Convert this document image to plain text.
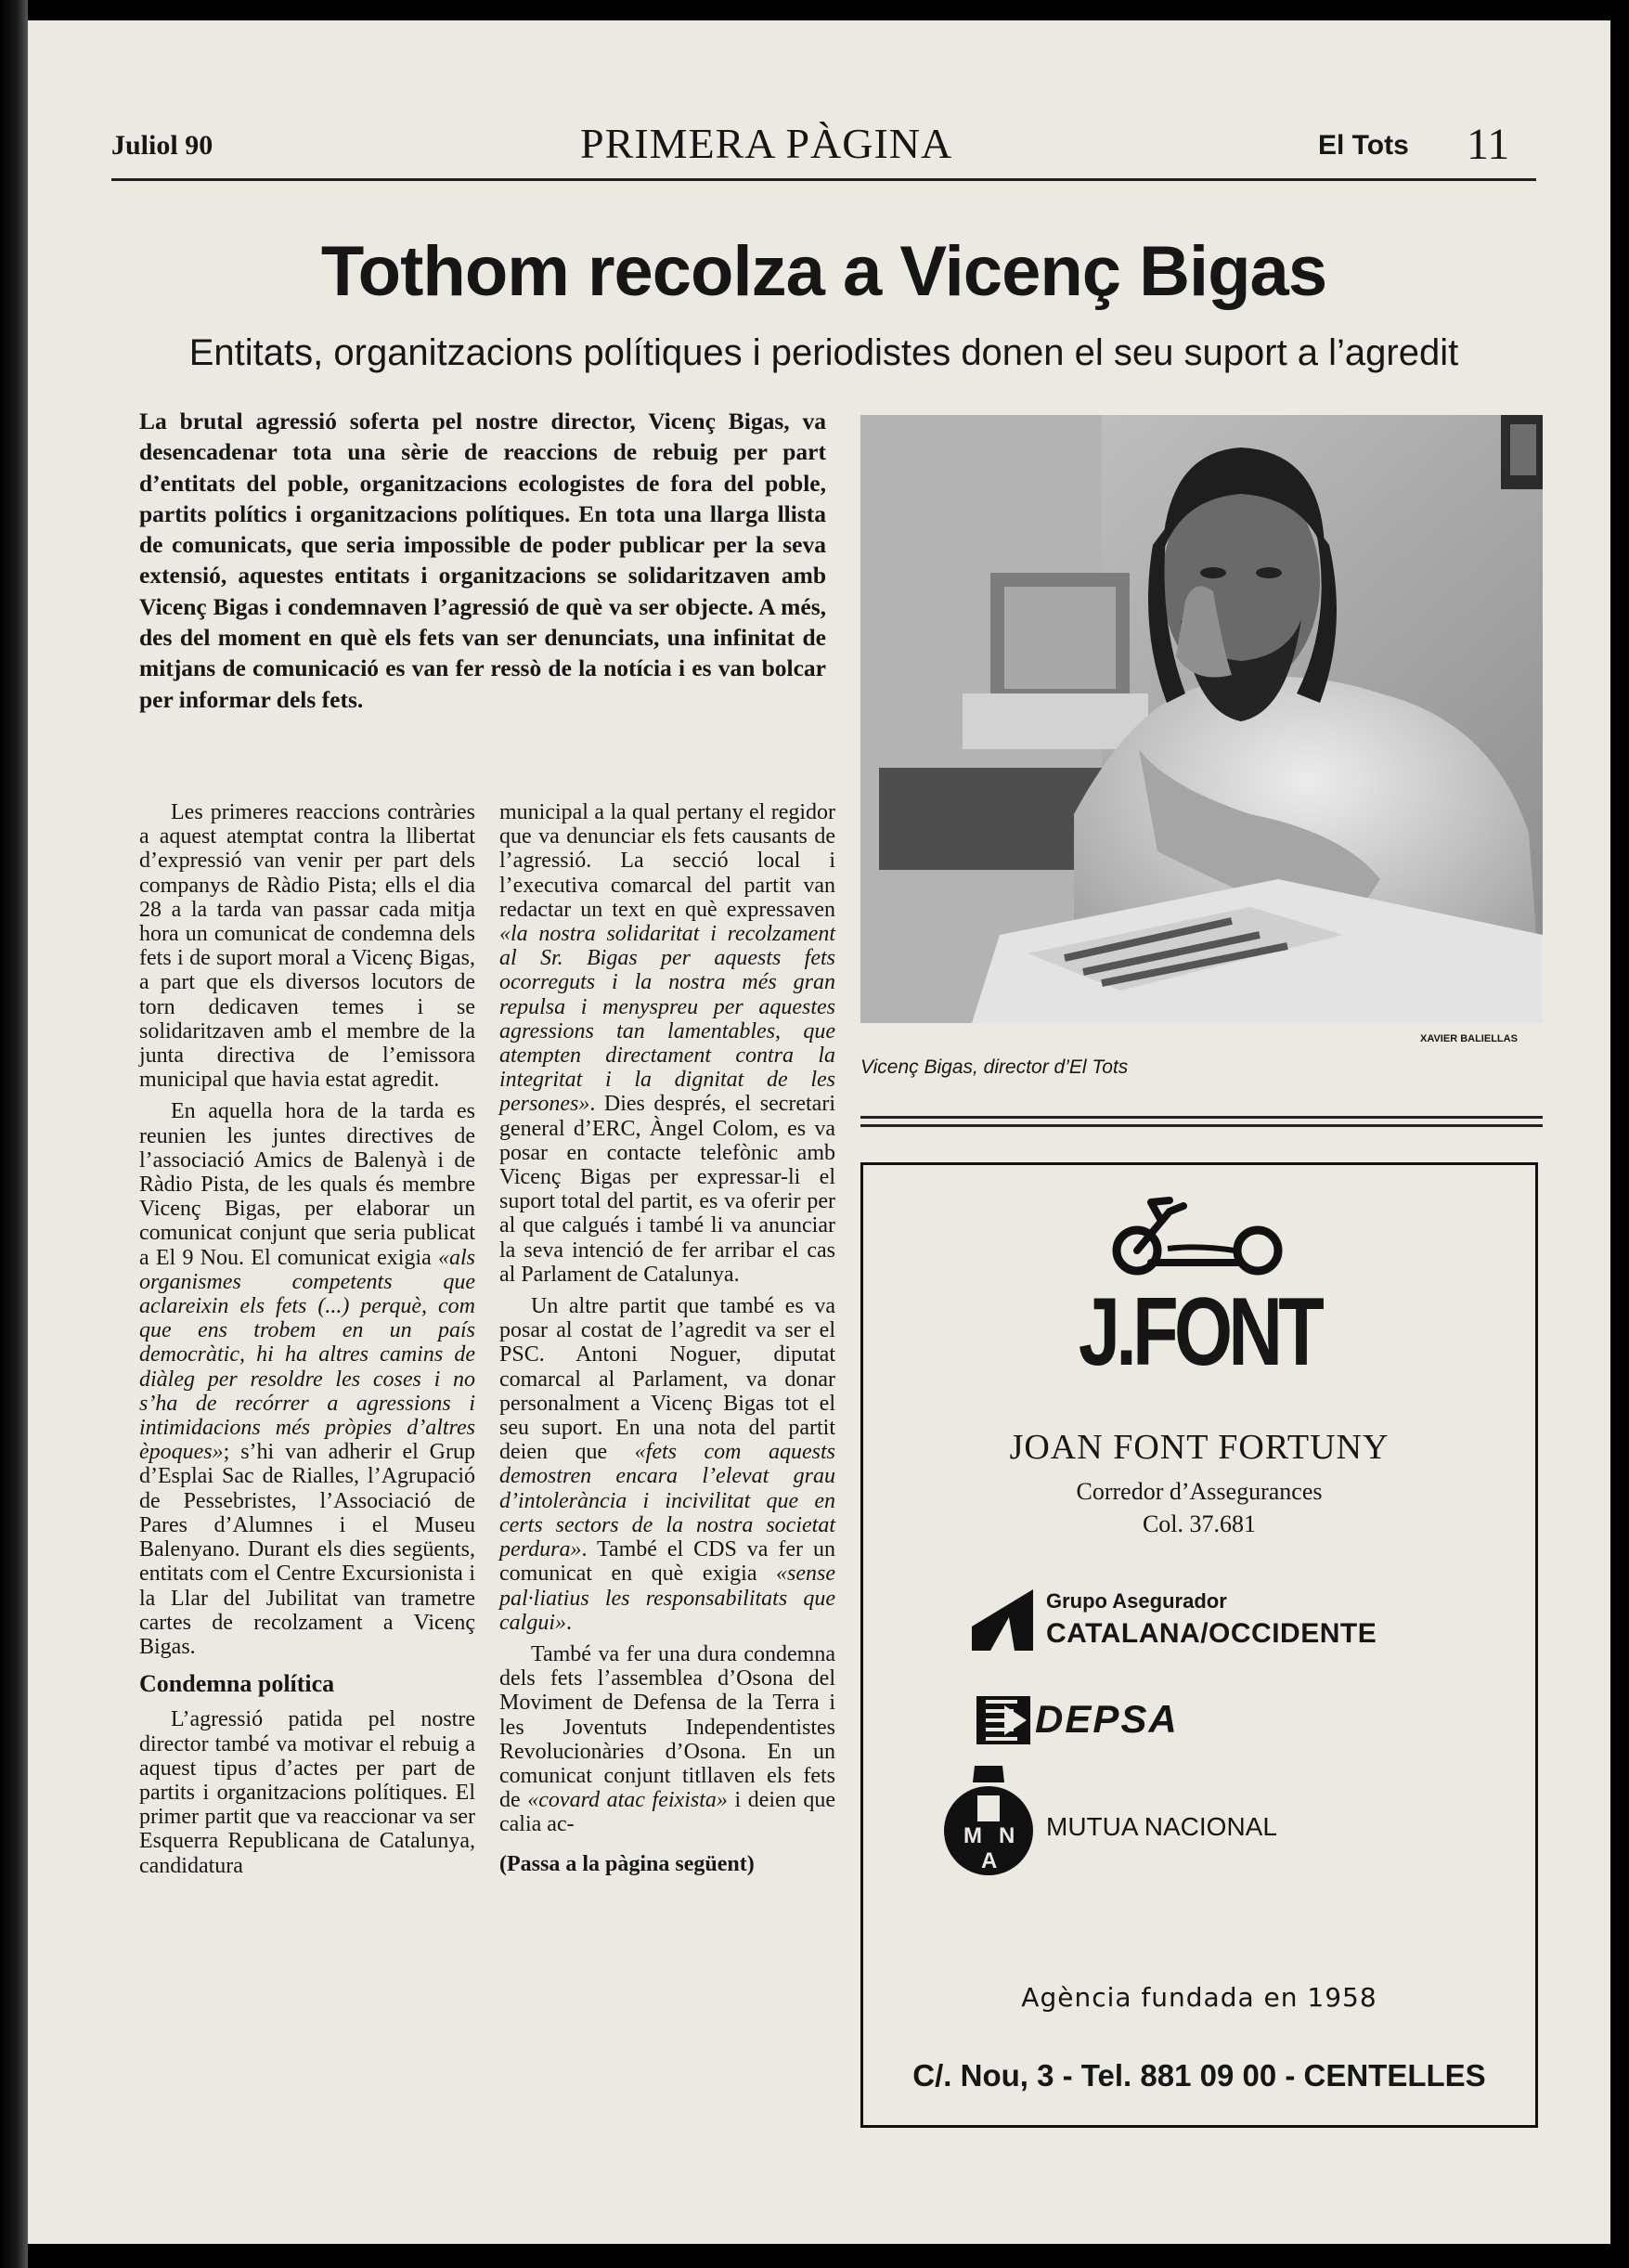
Juliol 90	PRIMERA PÀGINA	El Tots 11
Tothom recolza a Vicenç Bigas
Entitats, organitzacions polítiques i periodistes donen el seu suport a l’agredit

La brutal agressió soferta pel nostre director, Vicenç Bigas, va desencadenar tota una sèrie de reaccions de rebuig per part d’entitats del poble, organitzacions ecologistes de fora del poble, partits polítics i organitzacions polítiques. En tota una llarga llista de comunicats, que seria impossible de poder publicar per la seva extensió, aquestes entitats i organitzacions se solidaritzaven amb Vicenç Bigas i condemnaven l’agressió de què va ser objecte. A més, des del moment en què els fets van ser denunciats, una infinitat de mitjans de comunicació es van fer ressò de la notícia i es van bolcar per informar dels fets.

Les primeres reaccions contràries a aquest atemptat contra la llibertat d’expressió van venir per part dels companys de Ràdio Pista; ells el dia 28 a la tarda van passar cada mitja hora un comunicat de condemna dels fets i de suport moral a Vicenç Bigas, a part que els diversos locutors de torn dedicaven temes i se solidaritzaven amb el membre de la junta directiva de l’emissora municipal que havia estat agredit.

En aquella hora de la tarda es reunien les juntes directives de l’associació Amics de Balenyà i de Ràdio Pista, de les quals és membre Vicenç Bigas, per elaborar un comunicat conjunt que seria publicat a El 9 Nou. El comunicat exigia «als organismes competents que aclareixin els fets (...) perquè, com que ens trobem en un país democràtic, hi ha altres camins de diàleg per resoldre les coses i no s’ha de recórrer a agressions i intimidacions més pròpies d’altres èpoques»; s’hi van adherir el Grup d’Esplai Sac de Rialles, l’Agrupació de Pessebristes, l’Associació de Pares d’Alumnes i el Museu Balenyano. Durant els dies següents, entitats com el Centre Excursionista i la Llar del Jubilitat van trametre cartes de recolzament a Vicenç Bigas.

Condemna política

L’agressió patida pel nostre director també va motivar el rebuig a aquest tipus d’actes per part de partits i organitzacions polítiques. El primer partit que va reaccionar va ser Esquerra Republicana de Catalunya, candidatura

municipal a la qual pertany el regidor que va denunciar els fets causants de l’agressió. La secció local i l’executiva comarcal del partit van redactar un text en què expressaven «la nostra solidaritat i recolzament al Sr. Bigas per aquests fets ocorreguts i la nostra més gran repulsa i menyspreu per aquestes agressions tan lamentables, que atempten directament contra la integritat i la dignitat de les persones». Dies després, el secretari general d’ERC, Àngel Colom, es va posar en contacte telefònic amb Vicenç Bigas per expressar-li el suport total del partit, es va oferir per al que calgués i també li va anunciar la seva intenció de fer arribar el cas al Parlament de Catalunya.

Un altre partit que també es va posar al costat de l’agredit va ser el PSC. Antoni Noguer, diputat comarcal al Parlament, va donar personalment a Vicenç Bigas tot el seu suport. En una nota del partit deien que «fets com aquests demostren encara l’elevat grau d’intolerància i incivilitat que en certs sectors de la nostra societat perdura». També el CDS va fer un comunicat en què exigia «sense pal·liatius les responsabilitats que calgui».

També va fer una dura condemna dels fets l’assemblea d’Osona del Moviment de Defensa de la Terra i les Joventuts Independentistes Revolucionàries d’Osona. En un comunicat conjunt titllaven els fets de «covard atac feixista» i deien que calia ac-

(Passa a la pàgina següent)

XAVIER BALIELLAS
Vicenç Bigas, director d’El Tots
J.FONT
JOAN FONT FORTUNY
Corredor d’Assegurances
Col. 37.681
Grupo Asegurador
CATALANA/OCCIDENTE
DEPSA
M N
A
MUTUA NACIONAL
Agència fundada en 1958
C/. Nou, 3 - Tel. 881 09 00 - CENTELLES
